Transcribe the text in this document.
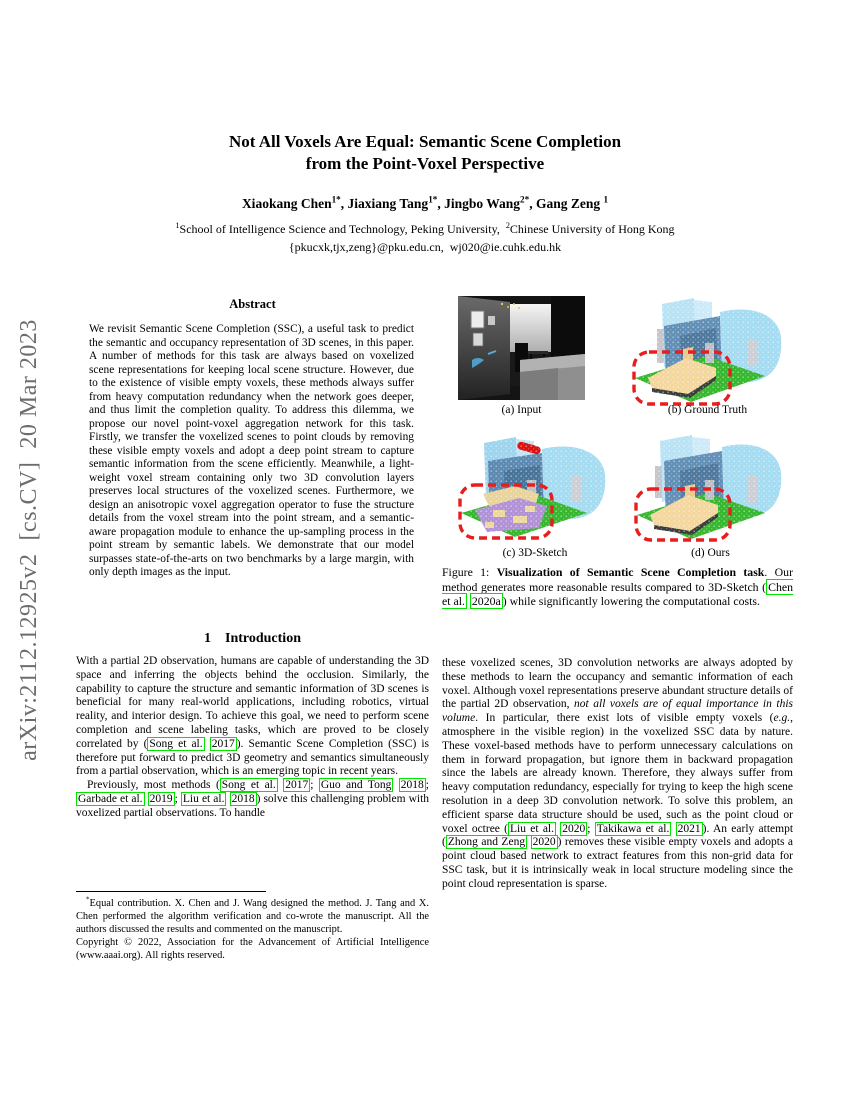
arXiv:2112.12925v2  [cs.CV]  20 Mar 2023
Not All Voxels Are Equal: Semantic Scene Completion
from the Point-Voxel Perspective
Xiaokang Chen$^{1*}$, Jiaxiang Tang$^{1*}$, Jingbo Wang$^{2*}$, Gang Zeng $^1$
$^1$School of Intelligence Science and Technology, Peking University,  $^2$Chinese University of Hong Kong
{pkucxk,tjx,zeng}@pku.edu.cn,  wj020@ie.cuhk.edu.hk
Abstract
We revisit Semantic Scene Completion (SSC), a useful task to predict the semantic and occupancy representation of 3D scenes, in this paper. A number of methods for this task are always based on voxelized scene representations for keeping local scene structure. However, due to the existence of visible empty voxels, these methods always suffer from heavy computation redundancy when the network goes deeper, and thus limit the completion quality. To address this dilemma, we propose our novel point-voxel aggregation network for this task. Firstly, we transfer the voxelized scenes to point clouds by removing these visible empty voxels and adopt a deep point stream to capture semantic information from the scene efficiently. Meanwhile, a light-weight voxel stream containing only two 3D convolution layers preserves local structures of the voxelized scenes. Furthermore, we design an anisotropic voxel aggregation operator to fuse the structure details from the voxel stream into the point stream, and a semantic-aware propagation module to enhance the up-sampling process in the point stream by semantic labels. We demonstrate that our model surpasses state-of-the-arts on two benchmarks by a large margin, with only depth images as the input.
1 Introduction

With a partial 2D observation, humans are capable of understanding the 3D space and inferring the objects behind the occlusion. Similarly, the capability to capture the structure and semantic information of 3D scenes is beneficial for many real-world applications, including robotics, virtual reality, and interior design. To achieve this goal, we need to perform scene completion and scene labeling tasks, which are proved to be closely correlated by ( Song et al. 2017 ). Semantic Scene Completion (SSC) is therefore put forward to predict 3D geometry and semantics simultaneously from a partial observation, which is an emerging topic in recent years.

Previously, most methods ( Song et al. 2017 ; Guo and Tong 2018 ; Garbade et al. 2019 ; Liu et al. 2018 ) solve this challenging problem with voxelized partial observations. To handle

*Equal contribution. X. Chen and J. Wang designed the method. J. Tang and X. Chen performed the algorithm verification and co-wrote the manuscript. All the authors discussed the results and commented on the manuscript.

Copyright © 2022, Association for the Advancement of Artificial Intelligence (www.aaai.org). All rights reserved.

(a) Input	(b) Ground Truth
(c) 3D-Sketch	(d) Ours
Figure 1: Visualization of Semantic Scene Completion task. Our method generates more reasonable results compared to 3D-Sketch ( Chen et al. 2020a ) while significantly lowering the computational costs.

these voxelized scenes, 3D convolution networks are always adopted by these methods to learn the occupancy and semantic information of each voxel. Although voxel representations preserve abundant structure details of the partial 2D observation, not all voxels are of equal importance in this volume. In particular, there exist lots of visible empty voxels (e.g., atmosphere in the visible region) in the voxelized SSC data by nature. These voxel-based methods have to perform unnecessary calculations on them in forward propagation, but ignore them in backward propagation since the labels are already known. Therefore, they always suffer from heavy computation redundancy, especially for trying to keep the high scene resolution in a deep 3D convolution network. To solve this problem, an efficient sparse data structure should be used, such as the point cloud or voxel octree ( Liu et al. 2020 ; Takikawa et al. 2021 ). An early attempt ( Zhong and Zeng 2020 ) removes these visible empty voxels and adopts a point cloud based network to extract features from this non-grid data for SSC task, but it is intrinsically weak in local structure modeling since the point cloud representation is sparse.
